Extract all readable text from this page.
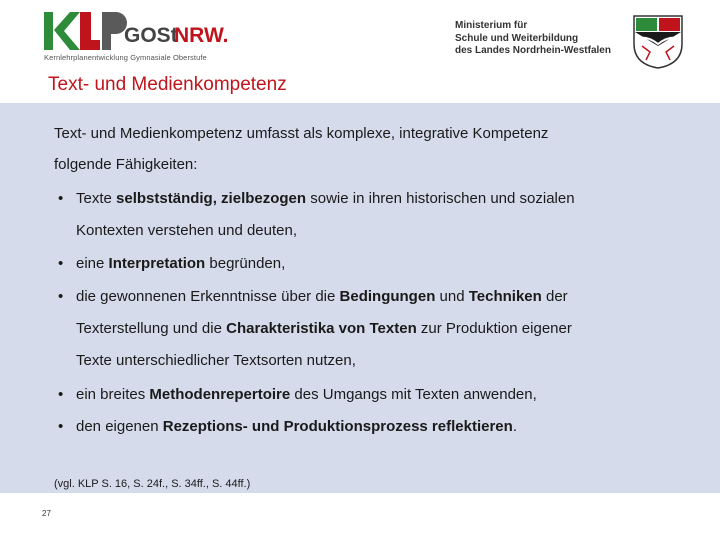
GOSt
NRW.
Kernlehrplanentwicklung Gymnasiale Oberstufe
Ministerium für
Schule und Weiterbildung
des Landes Nordrhein-Westfalen
Text- und Medienkompetenz
Text- und Medienkompetenz umfasst als komplexe, integrative Kompetenz
folgende Fähigkeiten:
• Texte selbstständig, zielbezogen sowie in ihren historischen und sozialen
Kontexten verstehen und deuten,
• eine Interpretation begründen,
• die gewonnenen Erkenntnisse über die Bedingungen und Techniken der
Texterstellung und die Charakteristika von Texten zur Produktion eigener
Texte unterschiedlicher Textsorten nutzen,
• ein breites Methodenrepertoire des Umgangs mit Texten anwenden,
• den eigenen Rezeptions- und Produktionsprozess reflektieren.
(vgl. KLP S. 16, S. 24f., S. 34ff., S. 44ff.)
27
